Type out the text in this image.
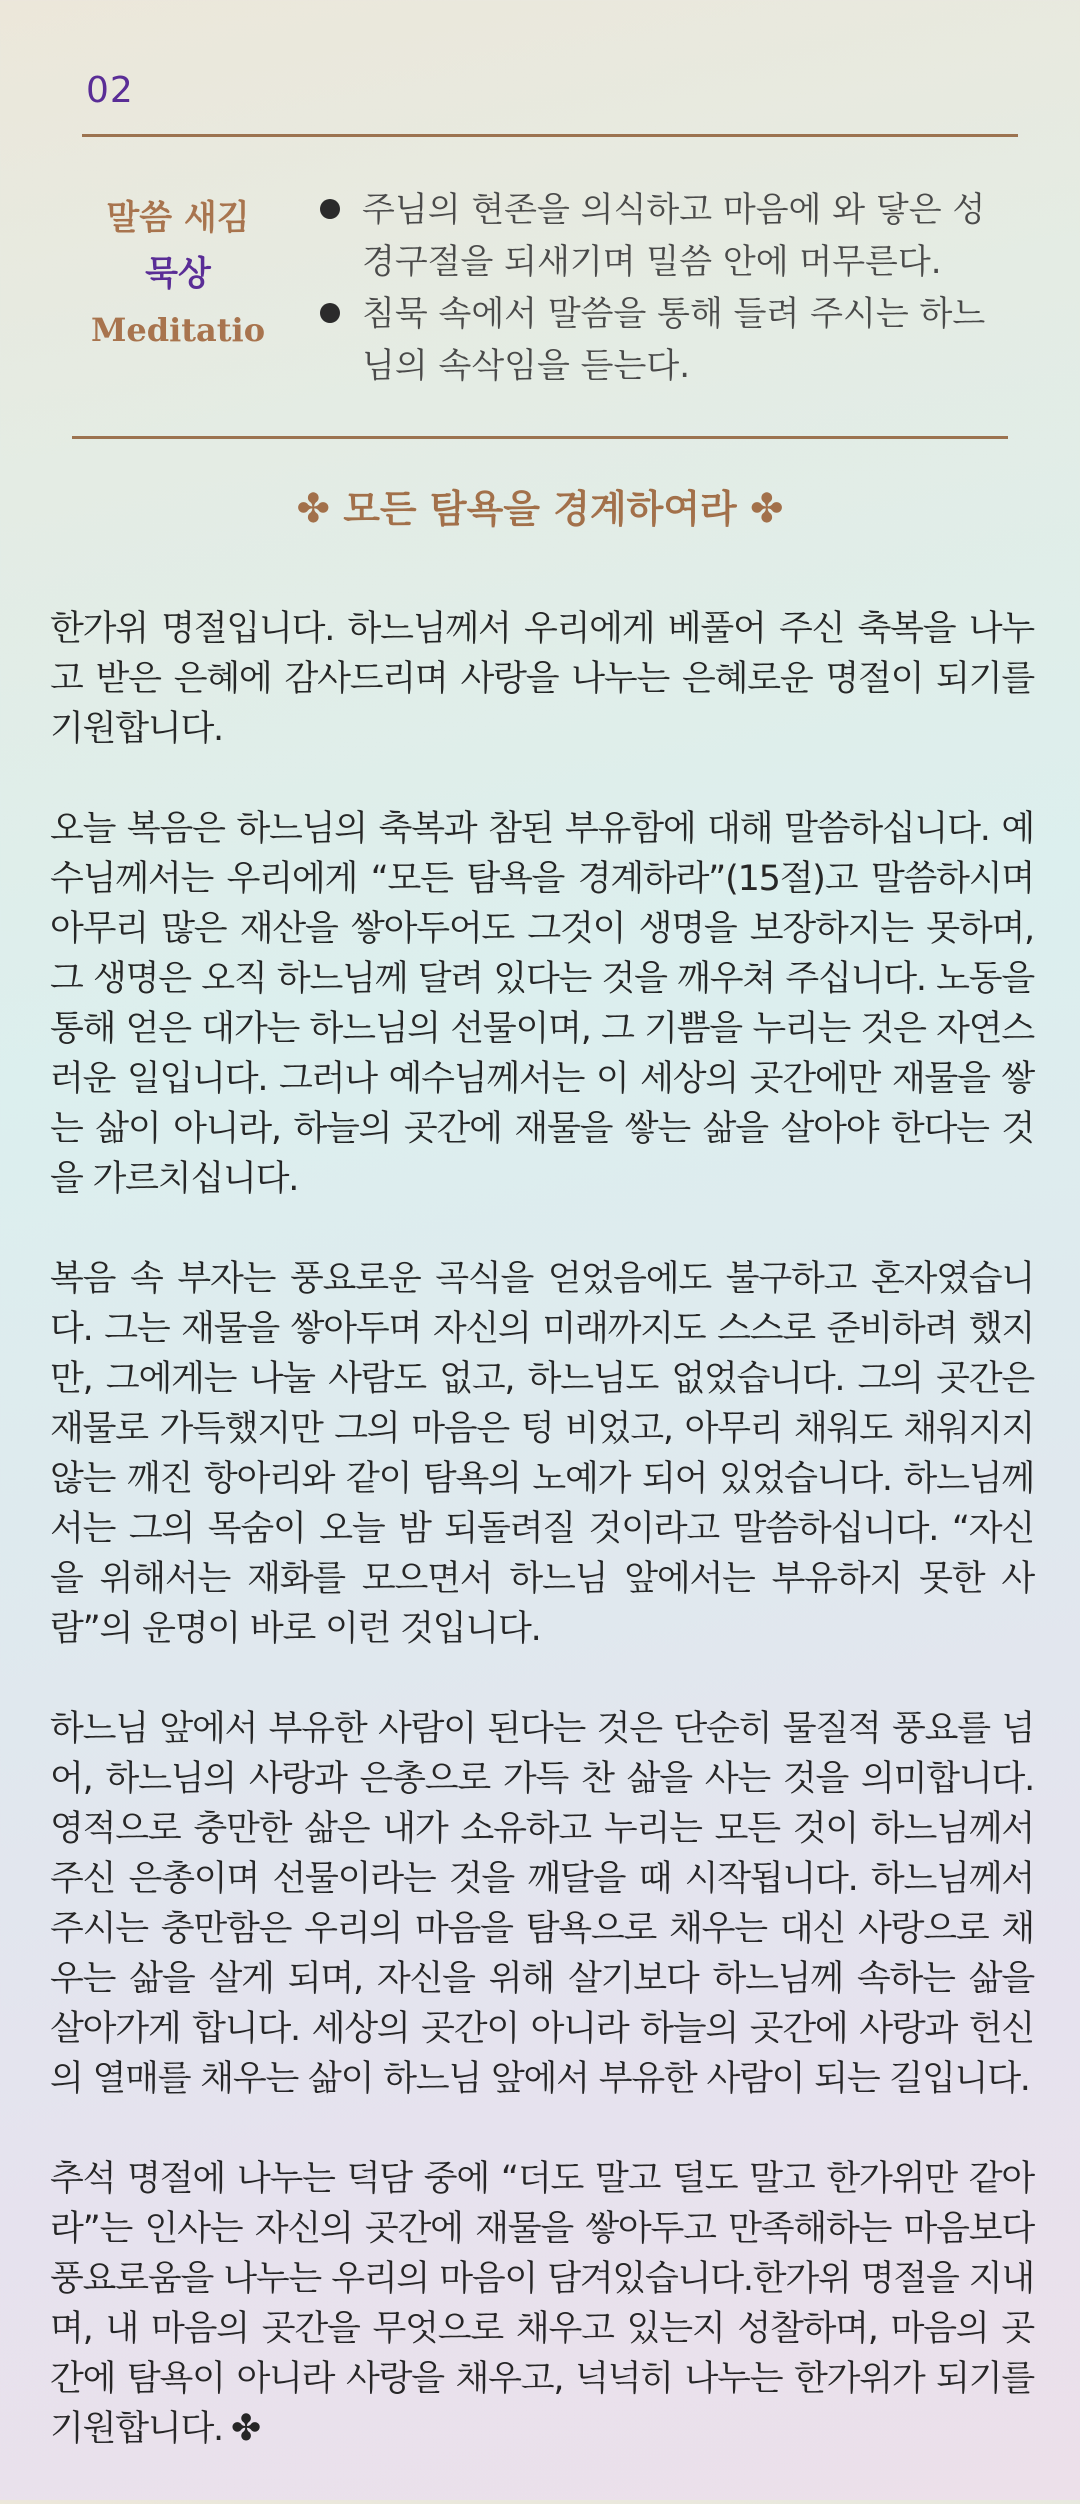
02
말씀 새김
묵상
Meditatio
주님의 현존을 의식하고 마음에 와 닿은 성경구절을 되새기며 밀씀 안에 머무른다.
침묵 속에서 말씀을 통해 들려 주시는 하느님의 속삭임을 듣는다.
✤ 모든 탐욕을 경계하여라 ✤

한가위 명절입니다. 하느님께서 우리에게 베풀어 주신 축복을 나누고 받은 은혜에 감사드리며 사랑을 나누는 은혜로운 명절이 되기를 기원합니다.

오늘 복음은 하느님의 축복과 참된 부유함에 대해 말씀하십니다. 예수님께서는 우리에게 “모든 탐욕을 경계하라”(15절)고 말씀하시며 아무리 많은 재산을 쌓아두어도 그것이 생명을 보장하지는 못하며, 그 생명은 오직 하느님께 달려 있다는 것을 깨우쳐 주십니다. 노동을 통해 얻은 대가는 하느님의 선물이며, 그 기쁨을 누리는 것은 자연스러운 일입니다. 그러나 예수님께서는 이 세상의 곳간에만 재물을 쌓는 삶이 아니라, 하늘의 곳간에 재물을 쌓는 삶을 살아야 한다는 것을 가르치십니다.

복음 속 부자는 풍요로운 곡식을 얻었음에도 불구하고 혼자였습니다. 그는 재물을 쌓아두며 자신의 미래까지도 스스로 준비하려 했지만, 그에게는 나눌 사람도 없고, 하느님도 없었습니다. 그의 곳간은 재물로 가득했지만 그의 마음은 텅 비었고, 아무리 채워도 채워지지 않는 깨진 항아리와 같이 탐욕의 노예가 되어 있었습니다. 하느님께서는 그의 목숨이 오늘 밤 되돌려질 것이라고 말씀하십니다. “자신을 위해서는 재화를 모으면서 하느님 앞에서는 부유하지 못한 사람”의 운명이 바로 이런 것입니다.

하느님 앞에서 부유한 사람이 된다는 것은 단순히 물질적 풍요를 넘어, 하느님의 사랑과 은총으로 가득 찬 삶을 사는 것을 의미합니다. 영적으로 충만한 삶은 내가 소유하고 누리는 모든 것이 하느님께서 주신 은총이며 선물이라는 것을 깨달을 때 시작됩니다. 하느님께서 주시는 충만함은 우리의 마음을 탐욕으로 채우는 대신 사랑으로 채우는 삶을 살게 되며, 자신을 위해 살기보다 하느님께 속하는 삶을 살아가게 합니다. 세상의 곳간이 아니라 하늘의 곳간에 사랑과 헌신의 열매를 채우는 삶이 하느님 앞에서 부유한 사람이 되는 길입니다.

추석 명절에 나누는 덕담 중에 “더도 말고 덜도 말고 한가위만 같아라”는 인사는 자신의 곳간에 재물을 쌓아두고 만족해하는 마음보다 풍요로움을 나누는 우리의 마음이 담겨있습니다.한가위 명절을 지내며, 내 마음의 곳간을 무엇으로 채우고 있는지 성찰하며, 마음의 곳간에 탐욕이 아니라 사랑을 채우고, 넉넉히 나누는 한가위가 되기를 기원합니다. ✤
